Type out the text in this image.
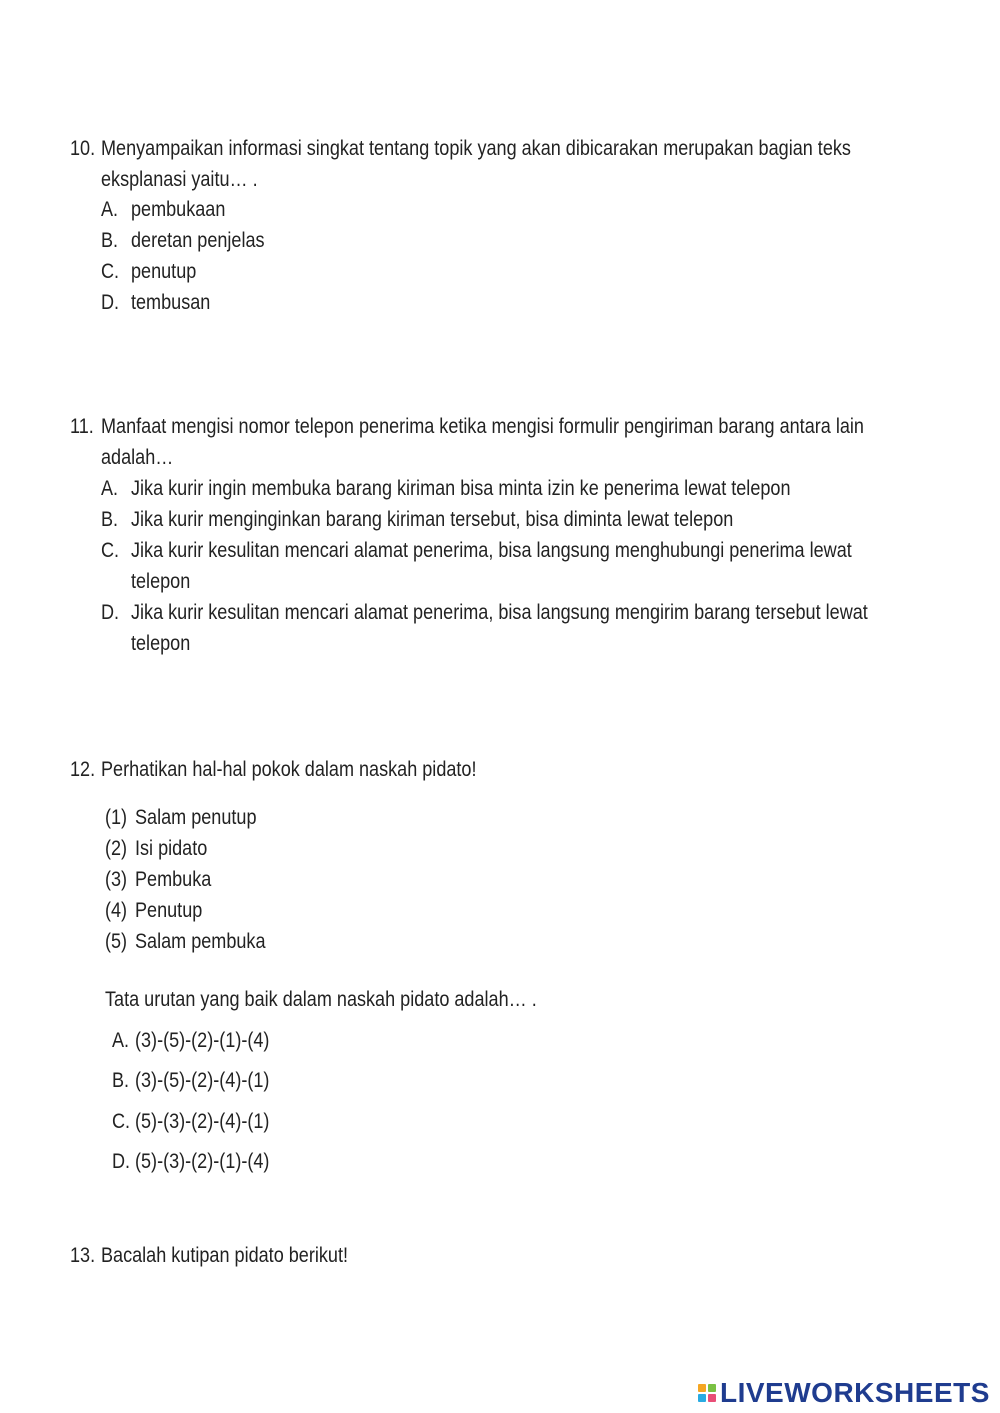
10. Menyampaikan informasi singkat tentang topik yang akan dibicarakan merupakan bagian teks
eksplanasi yaitu… .
A. pembukaan
B. deretan penjelas
C. penutup
D. tembusan
11. Manfaat mengisi nomor telepon penerima ketika mengisi formulir pengiriman barang antara lain
adalah…
A. Jika kurir ingin membuka barang kiriman bisa minta izin ke penerima lewat telepon
B. Jika kurir menginginkan barang kiriman tersebut, bisa diminta lewat telepon
C. Jika kurir kesulitan mencari alamat penerima, bisa langsung menghubungi penerima lewat
telepon
D. Jika kurir kesulitan mencari alamat penerima, bisa langsung mengirim barang tersebut lewat
telepon
12. Perhatikan hal-hal pokok dalam naskah pidato!
(1) Salam penutup
(2) Isi pidato
(3) Pembuka
(4) Penutup
(5) Salam pembuka
Tata urutan yang baik dalam naskah pidato adalah… .
A. (3)-(5)-(2)-(1)-(4)
B. (3)-(5)-(2)-(4)-(1)
C. (5)-(3)-(2)-(4)-(1)
D. (5)-(3)-(2)-(1)-(4)
13. Bacalah kutipan pidato berikut!
LIVEWORKSHEETS
